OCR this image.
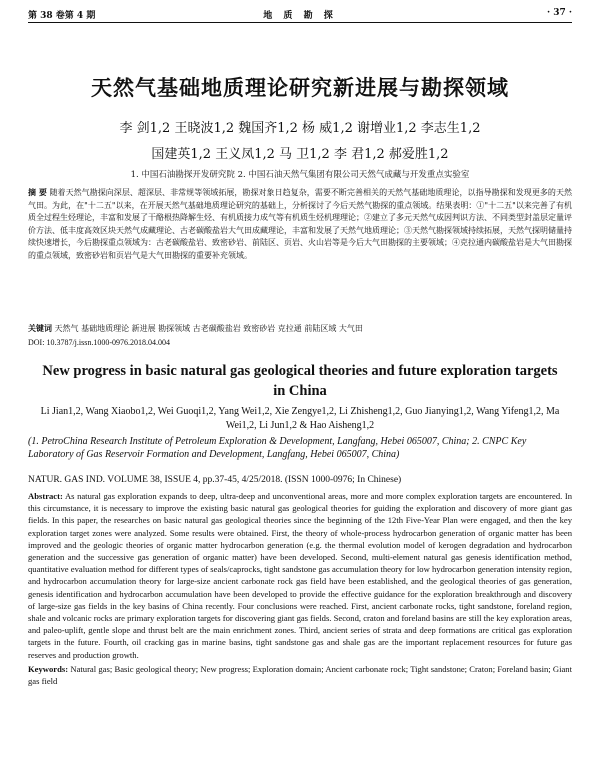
第 38 卷第 4 期	地 质 勘 探	· 37 ·
天然气基础地质理论研究新进展与勘探领域
李 剑1,2 王晓波1,2 魏国齐1,2 杨 威1,2 谢增业1,2 李志生1,2
国建英1,2 王义凤1,2 马 卫1,2 李 君1,2 郝爱胜1,2
1. 中国石油勘探开发研究院 2. 中国石油天然气集团有限公司天然气成藏与开发重点实验室
摘 要 随着天然气勘探向深层、超深层、非常规等领域拓展，勘探对象日趋复杂，需要不断完善相关的天然气基础地质理论，以指导勘探和发现更多的天然气田。为此，在"十二五"以来，在开展天然气基础地质理论研究的基础上，分析探讨了今后天然气勘探的重点领域。结果表明：①"十二五"以来完善了有机质全过程生烃理论，丰富和发展了干酪根热降解生烃、有机质接力成气等有机质生烃机理理论；②建立了多元天然气成因判识方法、不同类型封盖层定量评价方法、低丰度高效区块天然气成藏理论、古老碳酸盐岩大气田成藏理论，丰富和发展了天然气地质理论；③天然气勘探领域持续拓展，天然气探明储量持续快速增长，今后勘探重点领域为：古老碳酸盐岩、致密砂岩、前陆区、页岩、火山岩等是今后大气田勘探的主要领域；④克拉通内碳酸盐岩是大气田勘探的重点领域，致密砂岩和页岩气是大气田勘探的重要补充领域。
关键词 天然气 基础地质理论 新进展 勘探领域 古老碳酸盐岩 致密砂岩 克拉通 前陆区域 大气田
DOI: 10.3787/j.issn.1000-0976.2018.04.004
New progress in basic natural gas geological theories and future exploration targets in China
Li Jian1,2, Wang Xiaobo1,2, Wei Guoqi1,2, Yang Wei1,2, Xie Zengye1,2, Li Zhisheng1,2, Guo Jianying1,2, Wang Yifeng1,2, Ma Wei1,2, Li Jun1,2 & Hao Aisheng1,2
(1. PetroChina Research Institute of Petroleum Exploration & Development, Langfang, Hebei 065007, China; 2. CNPC Key Laboratory of Gas Reservoir Formation and Development, Langfang, Hebei 065007, China)
NATUR. GAS IND. VOLUME 38, ISSUE 4, pp.37-45, 4/25/2018. (ISSN 1000-0976; In Chinese)
Abstract: As natural gas exploration expands to deep, ultra-deep and unconventional areas, more and more complex exploration targets are encountered. In this circumstance, it is necessary to improve the existing basic natural gas geological theories for guiding the exploration and discovery of more giant gas fields. In this paper, the researches on basic natural gas geological theories since the beginning of the 12th Five-Year Plan were engaged, and then the key exploration target zones were analyzed. Some results were obtained. First, the theory of whole-process hydrocarbon generation of organic matter has been improved and the geologic theories of organic matter hydrocarbon generation (e.g. the thermal evolution model of kerogen degradation and hydrocarbon generation and the successive gas generation of organic matter) have been developed. Second, multi-element natural gas genesis identification method, quantitative evaluation method for different types of seals/caprocks, tight sandstone gas accumulation theory for low hydrocarbon generation intensity region, and hydrocarbon accumulation theory for large-size ancient carbonate rock gas field have been established, and the geological theories of gas generation, genesis identification and hydrocarbon accumulation have been developed to provide the effective guidance for the exploration breakthrough and discovery of large-size gas fields in the key basins of China recently. Four conclusions were reached. First, ancient carbonate rocks, tight sandstone, foreland region, shale and volcanic rocks are primary exploration targets for discovering giant gas fields. Second, craton and foreland basins are still the key exploration areas, and paleo-uplift, gentle slope and thrust belt are the main enrichment zones. Third, ancient series of strata and deep formations are critical gas exploration targets in the future. Fourth, oil cracking gas in marine basins, tight sandstone gas and shale gas are the important replacement resources for future gas reserves and production growth.
Keywords: Natural gas; Basic geological theory; New progress; Exploration domain; Ancient carbonate rock; Tight sandstone; Craton; Foreland basin; Giant gas field
